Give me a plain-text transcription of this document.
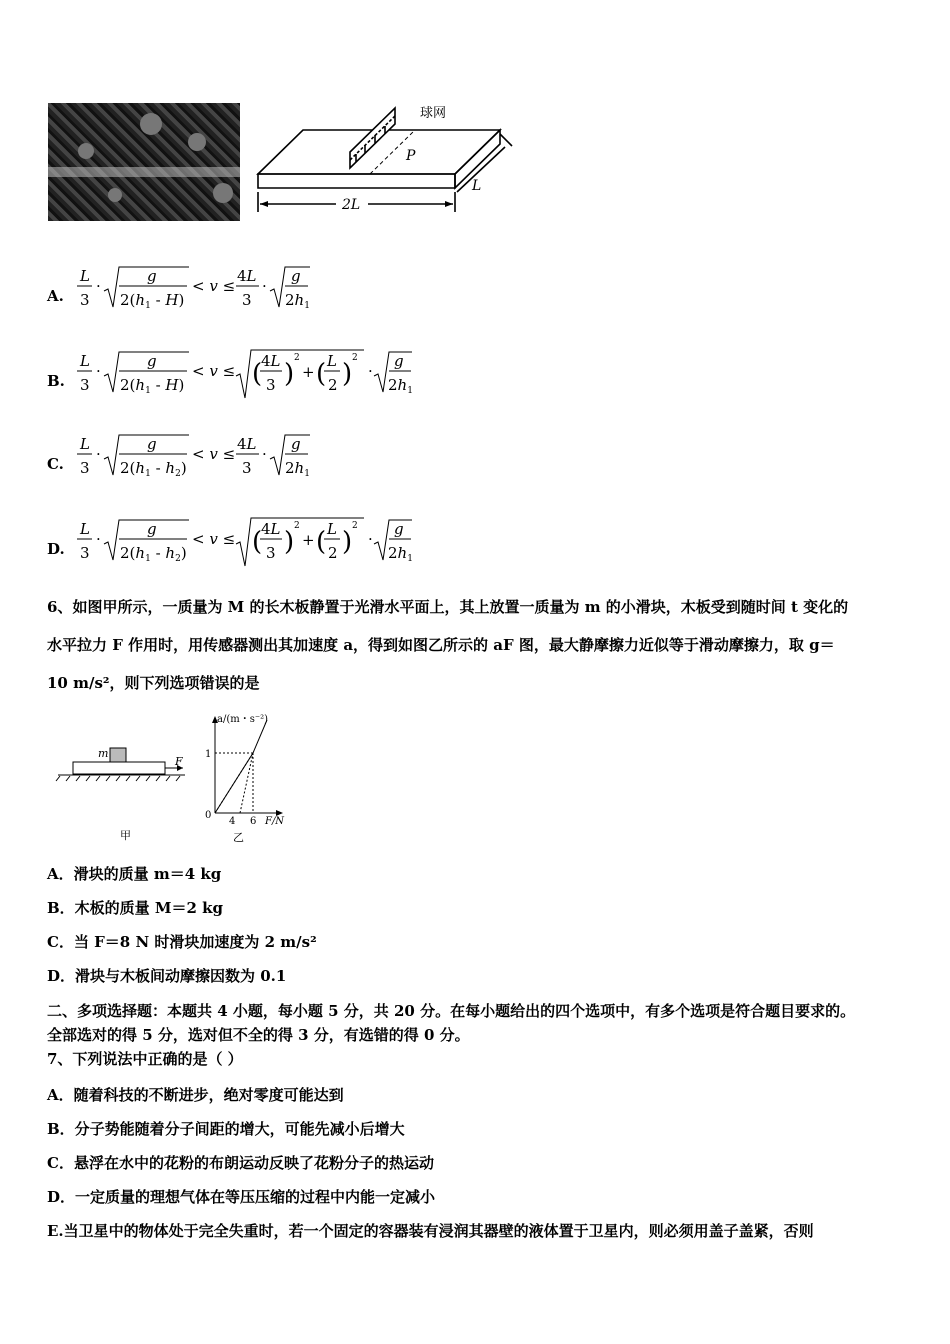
球网
P
2L
L
A.
L
3
·
g
$2(h_1 - H)$
< v ≤
4L
3
·
g
$2h_1$
B.
L
3
·
g
$2(h_1 - H)$
< v ≤ (
4L
3 )
2
+ ( L
2 )
2
·
g
$2h_1$
C.
L
3
·
g
$2(h_1 - h_2)$
< v ≤
4L
3
·
g
$2h_1$
D.
L
3
·
g
$2(h_1 - h_2)$
< v ≤ (
4L
3 )
2
+ ( L
2 )
2
·
g
$2h_1$
6、如图甲所示，一质量为 M 的长木板静置于光滑水平面上，其上放置一质量为 m 的小滑块，木板受到随时间 t 变化的
水平拉力 F 作用时，用传感器测出其加速度 a，得到如图乙所示的 aF 图，最大静摩擦力近似等于滑动摩擦力，取 g＝
10 m/s²，则下列选项错误的是
m
F
甲
a/(m・s⁻²)
F/N
0
1
4 6
乙
A．滑块的质量 m＝4 kg
B．木板的质量 M＝2 kg
C．当 F＝8 N 时滑块加速度为 2 m/s²
D．滑块与木板间动摩擦因数为 0.1
二、多项选择题：本题共 4 小题，每小题 5 分，共 20 分。在每小题给出的四个选项中，有多个选项是符合题目要求的。
全部选对的得 5 分，选对但不全的得 3 分，有选错的得 0 分。
7、下列说法中正确的是（ ）
A．随着科技的不断进步，绝对零度可能达到
B．分子势能随着分子间距的增大，可能先减小后增大
C．悬浮在水中的花粉的布朗运动反映了花粉分子的热运动
D．一定质量的理想气体在等压压缩的过程中内能一定减小
E.当卫星中的物体处于完全失重时，若一个固定的容器装有浸润其器壁的液体置于卫星内，则必须用盖子盖紧，否则
